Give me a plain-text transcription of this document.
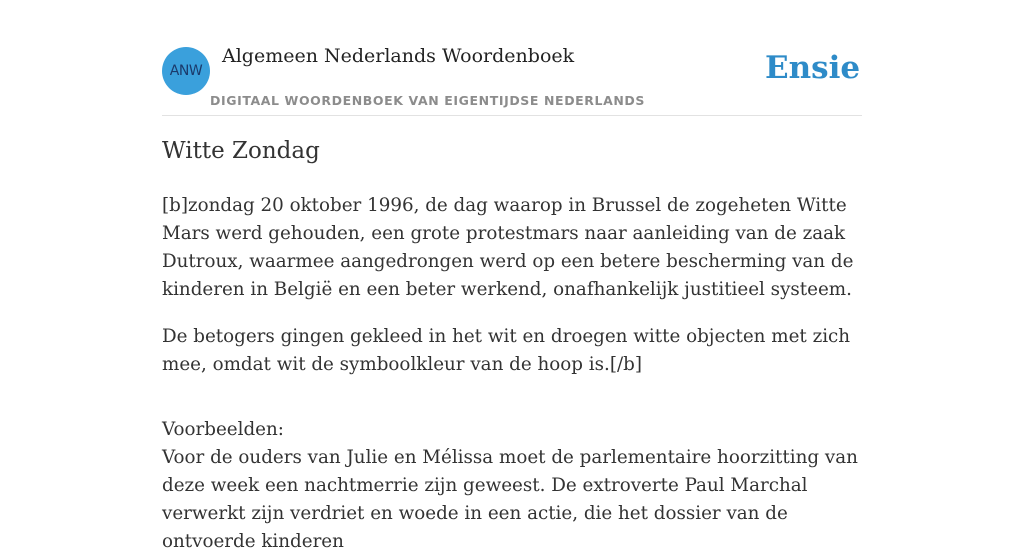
ANW
Algemeen Nederlands Woordenboek
DIGITAAL WOORDENBOEK VAN EIGENTIJDSE NEDERLANDS
Ensie
Witte Zondag

[b]zondag 20 oktober 1996, de dag waarop in Brussel de zogeheten Witte Mars werd gehouden, een grote protestmars naar aanleiding van de zaak Dutroux, waarmee aangedrongen werd op een betere bescherming van de kinderen in België en een beter werkend, onafhankelijk justitieel systeem.

De betogers gingen gekleed in het wit en droegen witte objecten met zich mee, omdat wit de symboolkleur van de hoop is.[/b]

Voorbeelden:
Voor de ouders van Julie en Mélissa moet de parlementaire hoorzitting van deze week een nachtmerrie zijn geweest. De extroverte Paul Marchal verwerkt zijn verdriet en woede in een actie, die het dossier van de ontvoerde kinderen
